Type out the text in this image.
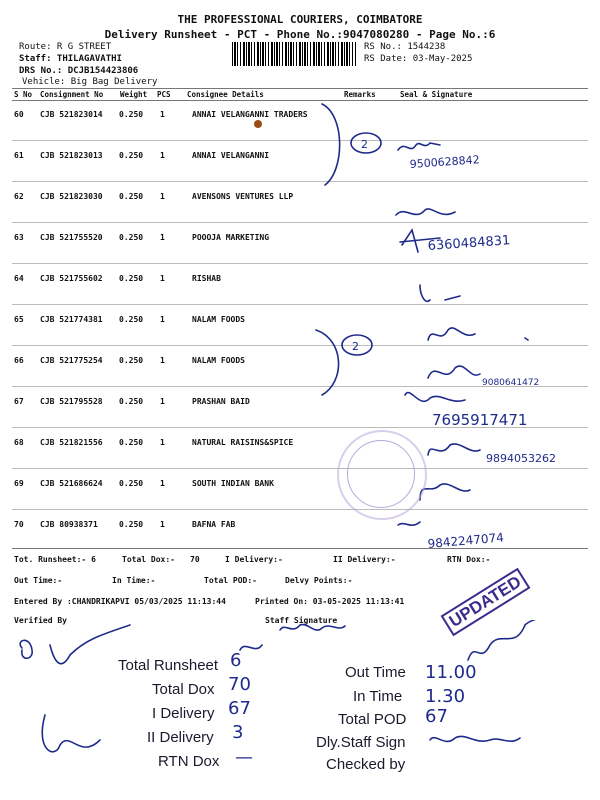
THE PROFESSIONAL COURIERS, COIMBATORE
Delivery Runsheet - PCT - Phone No.:9047080280 - Page No.:6
Route: R G STREET
Staff: THILAGAVATHI
DRS No.: DCJB154423806
Vehicle: Big Bag Delivery
RS No.: 1544238
RS Date: 03-May-2025
S No Consignment No Weight PCS Consignee Details	Remarks	Seal & Signature
60 CJB 521823014 0.250 1	ANNAI VELANGANNI TRADERS
61 CJB 521823013 0.250 1	ANNAI VELANGANNI
62 CJB 521823030 0.250 1	AVENSONS VENTURES LLP
63 CJB 521755520 0.250 1	POOOJA MARKETING
64 CJB 521755602 0.250 1	RISHAB
65 CJB 521774381 0.250 1	NALAM FOODS
66 CJB 521775254 0.250 1	NALAM FOODS
67 CJB 521795528 0.250 1	PRASHAN BAID
68 CJB 521821556 0.250 1	NATURAL RAISINS&SPICE
69 CJB 521686624 0.250 1	SOUTH INDIAN BANK
70 CJB 80938371	0.250 1	BAFNA FAB
2
2
9500628842
6360484831
9080641472
7695917471
9894053262
9842247074
Tot. Runsheet:- 6	Total Dox:- 70	I Delivery:-	II Delivery:-	RTN Dox:-
Out Time:-	In Time:-	Total POD:-	Delvy Points:-
Entered By :CHANDRIKAPVI 05/03/2025 11:13:44	Printed On: 03-05-2025 11:13:41
Verified By	Staff Signature	UPDATED
Total Runsheet 6
Total Dox 70
I Delivery 67
II Delivery 3
RTN Dox —
Out Time 11.00
In Time 1.30
Total POD 67
Dly.Staff Sign
Checked by
